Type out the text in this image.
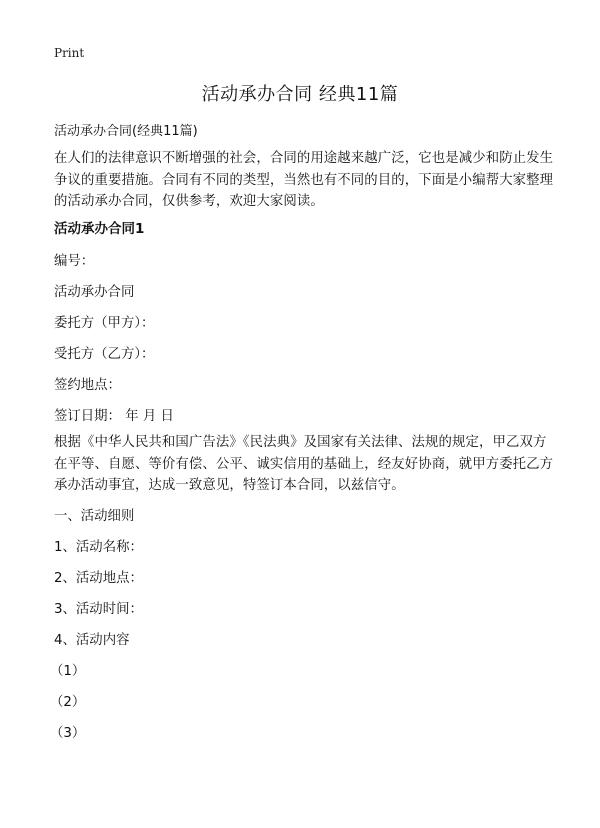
Print
活动承办合同 经典11篇
活动承办合同(经典11篇)
在人们的法律意识不断增强的社会，合同的用途越来越广泛，它也是减少和防止发生争议的重要措施。合同有不同的类型，当然也有不同的目的，下面是小编帮大家整理的活动承办合同，仅供参考，欢迎大家阅读。
活动承办合同1
编号：
活动承办合同
委托方（甲方）：
受托方（乙方）：
签约地点：
签订日期： 年 月 日
根据《中华人民共和国广告法》《民法典》及国家有关法律、法规的规定，甲乙双方在平等、自愿、等价有偿、公平、诚实信用的基础上，经友好协商，就甲方委托乙方承办活动事宜，达成一致意见，特签订本合同，以兹信守。
一、活动细则
1、活动名称：
2、活动地点：
3、活动时间：
4、活动内容
（1）
（2）
（3）
